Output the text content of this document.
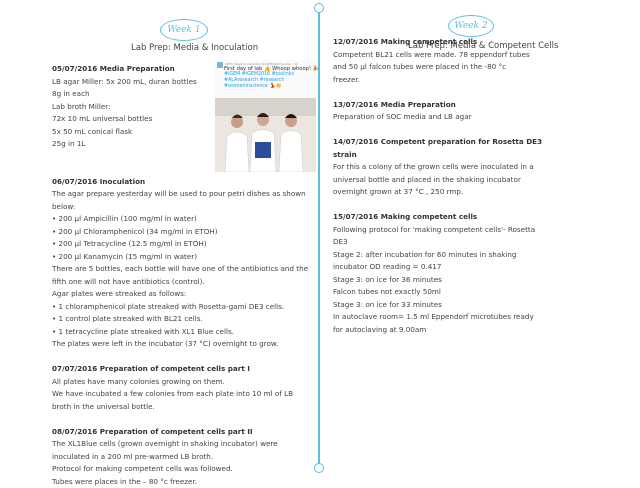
Week 1	Week 2
Lab Prep: Media & Inoculation	Lab Prep: Media & Competent Cells
iGEM_Westminster2016 @iGEMWestminster · 5h
First day of lab 👍 Whoop whoop! 🎉
#iGEM #iGEM2016 #biolinks
#ALAresearch #research
#womeninscience 💃👏
05/07/2016 Media Preparation
LB agar Miller: 5x 200 mL, duran bottles
8g in each
Lab broth Miller:
72x 10 mL universal bottles
5x 50 mL conical flask
25g in 1L
06/07/2016 Inoculation
The agar prepare yesterday will be used to pour petri dishes as shown
below:
• 200 µl Ampicillin (100 mg/ml in water)
• 200 µl Chloramphenicol (34 mg/ml in ETOH)
• 200 µl Tetracycline (12.5 mg/ml in ETOH)
• 200 µl Kanamycin (15 mg/ml in water)
There are 5 bottles, each bottle will have one of the antibiotics and the
fifth one will not have antibiotics (control).
Agar plates were streaked as follows:
• 1 chloramphenicol plate streaked with Rosetta-gami DE3 cells.
• 1 control plate streaked with BL21 cells.
• 1 tetracycline plate streaked with XL1 Blue cells.
The plates were left in the incubator (37 °C) overnight to grow.
07/07/2016 Preparation of competent cells part I
All plates have many colonies growing on them.
We have incubated a few colonies from each plate into 10 ml of LB
broth in the universal bottle.
08/07/2016 Preparation of competent cells part II
The XL1Blue cells (grown overnight in shaking incubator) were
inoculated in a 200 ml pre-warmed LB broth.
Protocol for making competent cells was followed.
Tubes were places in the – 80 °c freezer.
12/07/2016 Making competent cells
Competent BL21 cells were made. 78 eppendorf tubes
and 50 µl falcon tubes were placed in the -80 °c
freezer.
13/07/2016 Media Preparation
Preparation of SOC media and LB agar
14/07/2016 Competent preparation for Rosetta DE3
strain
For this a colony of the grown cells were inoculated in a
universal bottle and placed in the shaking incubator
overnight grown at 37 °C , 250 rmp.
15/07/2016 Making competent cells
Following protocol for 'making competent cells'- Rosetta
DE3
Stage 2: after incubation for 60 minutes in shaking
incubator OD reading = 0.417
Stage 3: on ice for 36 minutes
Falcon tubes not exactly 50ml
Stage 3: on ice for 33 minutes
In autoclave room= 1.5 ml Eppendorf microtubes ready
for autoclaving at 9.00am
